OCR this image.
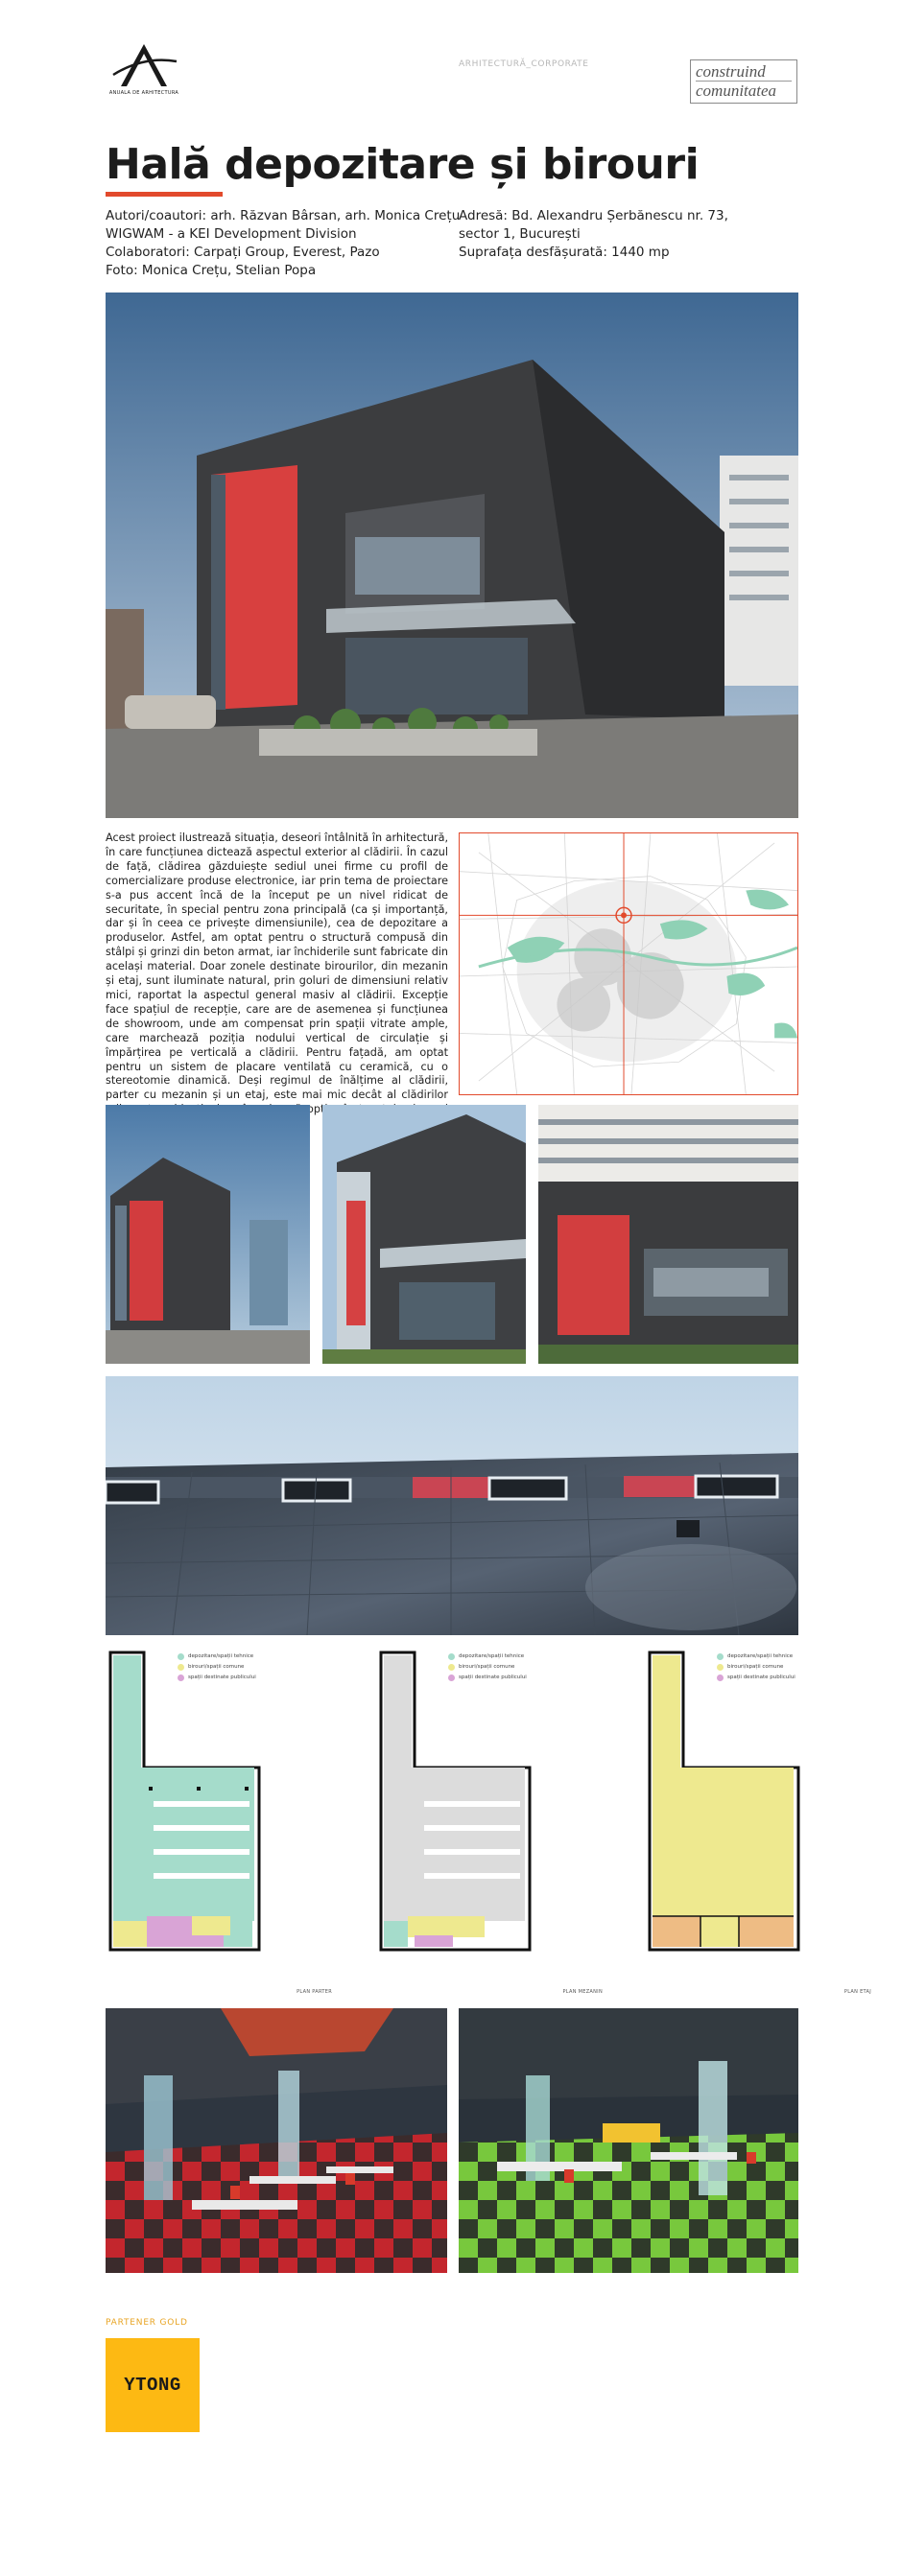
ANUALA DE ARHITECTURA
ARHITECTURĂ_CORPORATE	construind
comunitatea
Hală depozitare și birouri
Autori/coautori: arh. Răzvan Bârsan, arh. Monica Crețu
WIGWAM - a KEI Development Division
Colaboratori: Carpați Group, Everest, Pazo
Foto: Monica Crețu, Stelian Popa
Adresă: Bd. Alexandru Șerbănescu nr. 73,
sector 1, București
Suprafața desfășurată: 1440 mp

Acest proiect ilustrează situația, deseori întâlnită în arhitectură, în care funcțiunea dictează aspectul exterior al clădirii. În cazul de față, clădirea găzduiește sediul unei firme cu profil de comercializare produse electronice, iar prin tema de proiectare s-a pus accent încă de la început pe un nivel ridicat de securitate, în special pentru zona principală (ca și importanță, dar și în ceea ce privește dimensiunile), cea de depozitare a produselor. Astfel, am optat pentru o structură compusă din stâlpi și grinzi din beton armat, iar închiderile sunt fabricate din același material. Doar zonele destinate birourilor, din mezanin și etaj, sunt iluminate natural, prin goluri de dimensiuni relativ mici, raportat la aspectul general masiv al clădirii. Excepție face spațiul de recepție, care are de asemenea și funcțiunea de showroom, unde am compensat prin spații vitrate ample, care marchează poziția nodului vertical de circulație și împărțirea pe verticală a clădirii. Pentru fațadă, am optat pentru un sistem de placare ventilată cu ceramică, cu o stereotomie dinamică. Deși regimul de înălțime al clădirii, parter cu mezanin și un etaj, este mai mic decât al clădirilor

depozitare/spații tehnice
birouri/spații comune
spații destinate publicului
PLAN PARTER
depozitare/spații tehnice
birouri/spații comune
spații destinate publicului
PLAN MEZANIN
depozitare/spații tehnice
birouri/spații comune
spații destinate publicului
PLAN ETAJ
PARTENER GOLD
YTONG
